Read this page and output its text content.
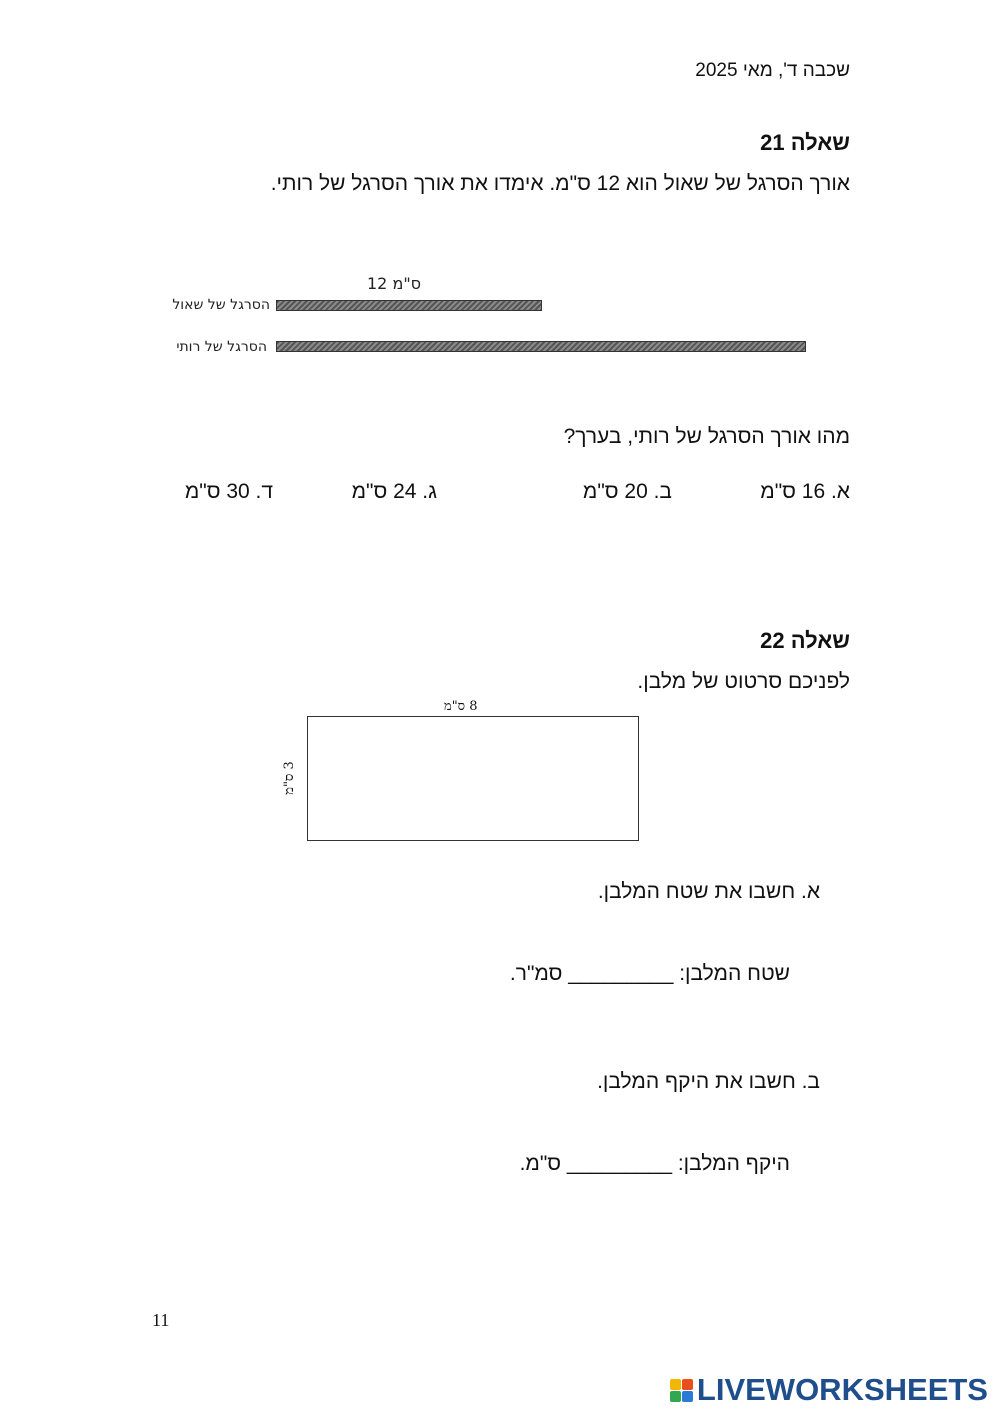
שכבה ד', מאי 2025
שאלה 21
אורך הסרגל של שאול הוא 12 ס"מ. אימדו את אורך הסרגל של רותי.
12 ס"מ
הסרגל של שאול
הסרגל של רותי
מהו אורך הסרגל של רותי, בערך?
א. 16 ס"מ
ב. 20 ס"מ
ג. 24 ס"מ
ד. 30 ס"מ
שאלה 22
לפניכם סרטוט של מלבן.
8 ס"מ
3 ס"מ
א. חשבו את שטח המלבן.
שטח המלבן: _________ סמ"ר.
ב. חשבו את היקף המלבן.
היקף המלבן: _________ ס"מ.
11
LIVEWORKSHEETS
